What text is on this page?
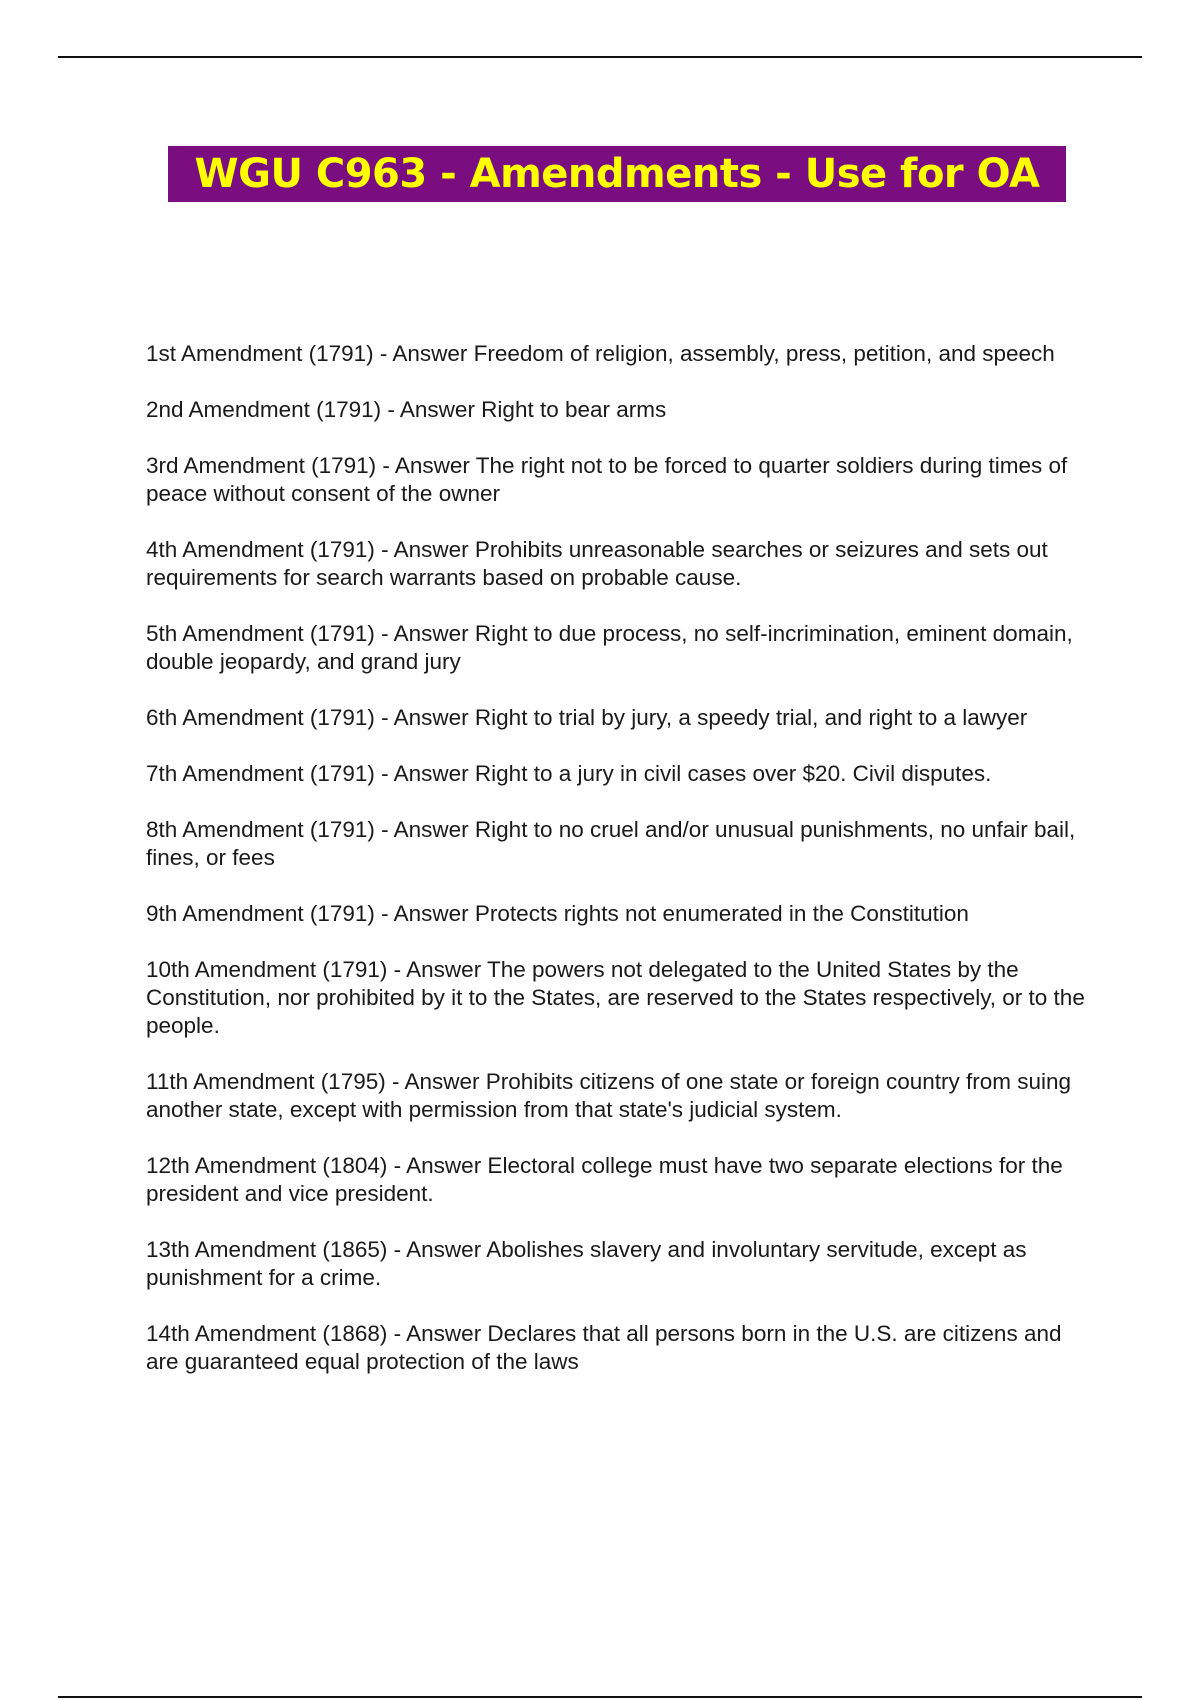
WGU C963 - Amendments - Use for OA
1st Amendment (1791) - Answer Freedom of religion, assembly, press, petition, and speech
2nd Amendment (1791) - Answer Right to bear arms
3rd Amendment (1791) - Answer The right not to be forced to quarter soldiers during times of peace without consent of the owner
4th Amendment (1791) - Answer Prohibits unreasonable searches or seizures and sets out requirements for search warrants based on probable cause.
5th Amendment (1791) - Answer Right to due process, no self-incrimination, eminent domain, double jeopardy, and grand jury
6th Amendment (1791) - Answer Right to trial by jury, a speedy trial, and right to a lawyer
7th Amendment (1791) - Answer Right to a jury in civil cases over $20. Civil disputes.
8th Amendment (1791) - Answer Right to no cruel and/or unusual punishments, no unfair bail, fines, or fees
9th Amendment (1791) - Answer Protects rights not enumerated in the Constitution
10th Amendment (1791) - Answer The powers not delegated to the United States by the Constitution, nor prohibited by it to the States, are reserved to the States respectively, or to the people.
11th Amendment (1795) - Answer Prohibits citizens of one state or foreign country from suing another state, except with permission from that state's judicial system.
12th Amendment (1804) - Answer Electoral college must have two separate elections for the president and vice president.
13th Amendment (1865) - Answer Abolishes slavery and involuntary servitude, except as punishment for a crime.
14th Amendment (1868) - Answer Declares that all persons born in the U.S. are citizens and are guaranteed equal protection of the laws
